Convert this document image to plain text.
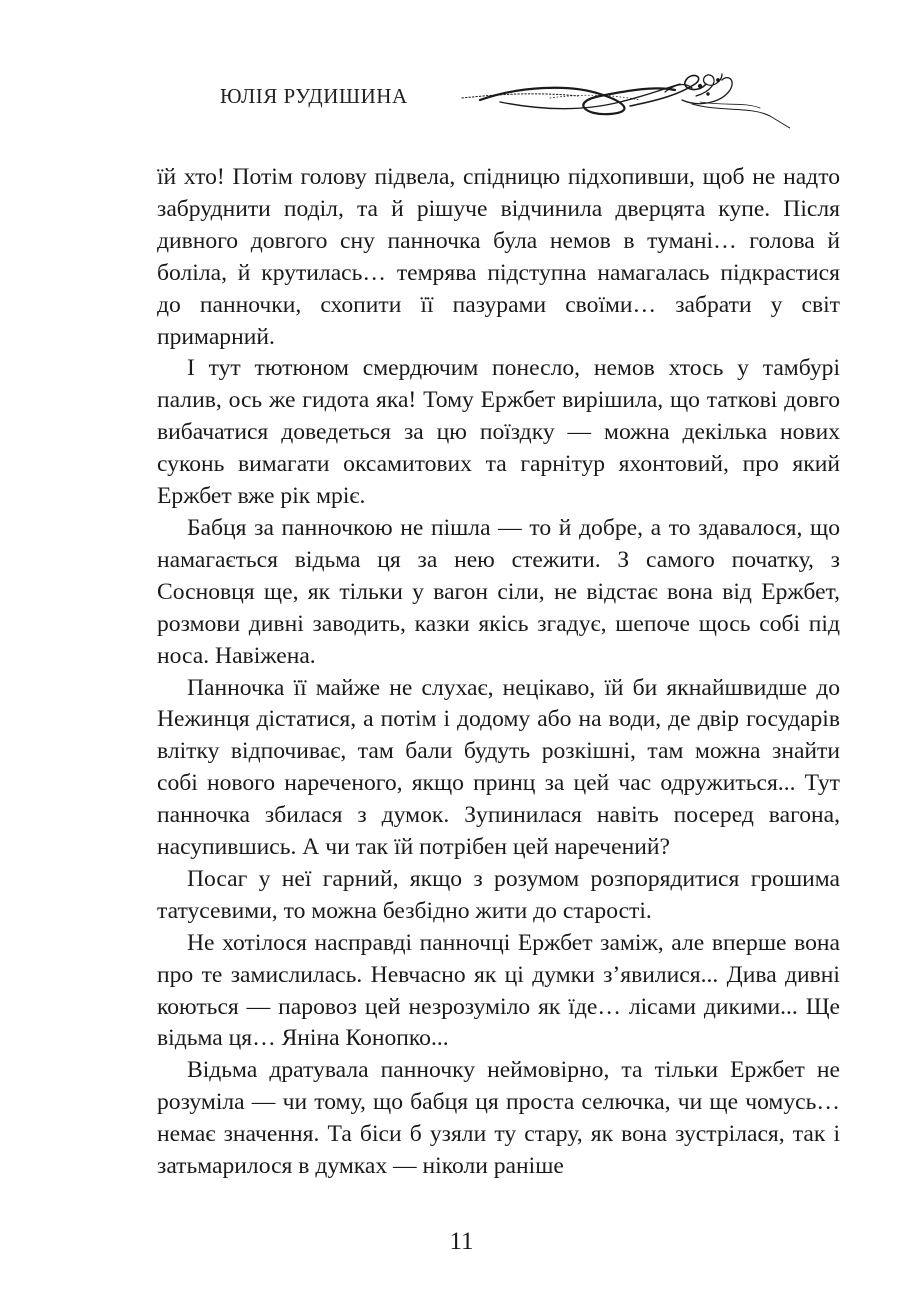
ЮЛІЯ РУДИШИНА

їй хто! Потім голову підвела, спідницю підхопивши, щоб не надто забруднити поділ, та й рішуче відчинила дверцята купе. Після дивного довгого сну панночка була немов в тумані… голова й боліла, й крутилась… темрява підступна намагалась підкрастися до панночки, схопити її пазурами своїми… забрати у світ примарний.

І тут тютюном смердючим понесло, немов хтось у тамбурі палив, ось же гидота яка! Тому Ержбет вирішила, що таткові довго вибачатися доведеться за цю поїздку — можна декілька нових суконь вимагати оксамитових та гарнітур яхонтовий, про який Ержбет вже рік мріє.

Бабця за панночкою не пішла — то й добре, а то здавалося, що намагається відьма ця за нею стежити. З самого початку, з Сосновця ще, як тільки у вагон сіли, не відстає вона від Ержбет, розмови дивні заводить, казки якісь згадує, шепоче щось собі під носа. Навіжена.

Панночка її майже не слухає, нецікаво, їй би якнайшвидше до Нежинця дістатися, а потім і додому або на води, де двір государів влітку відпочиває, там бали будуть розкішні, там можна знайти собі нового нареченого, якщо принц за цей час одружиться... Тут панночка збилася з думок. Зупинилася навіть посеред вагона, насупившись. А чи так їй потрібен цей наречений?

Посаг у неї гарний, якщо з розумом розпорядитися грошима татусевими, то можна безбідно жити до старості.

Не хотілося насправді панночці Ержбет заміж, але вперше вона про те замислилась. Невчасно як ці думки з’явилися... Дива дивні коються — паровоз цей незрозуміло як їде… лісами дикими... Ще відьма ця… Яніна Конопко...

Відьма дратувала панночку неймовірно, та тільки Ержбет не розуміла — чи тому, що бабця ця проста селючка, чи ще чомусь… немає значення. Та біси б узяли ту стару, як вона зустрілася, так і затьмарилося в думках — ніколи раніше

11
